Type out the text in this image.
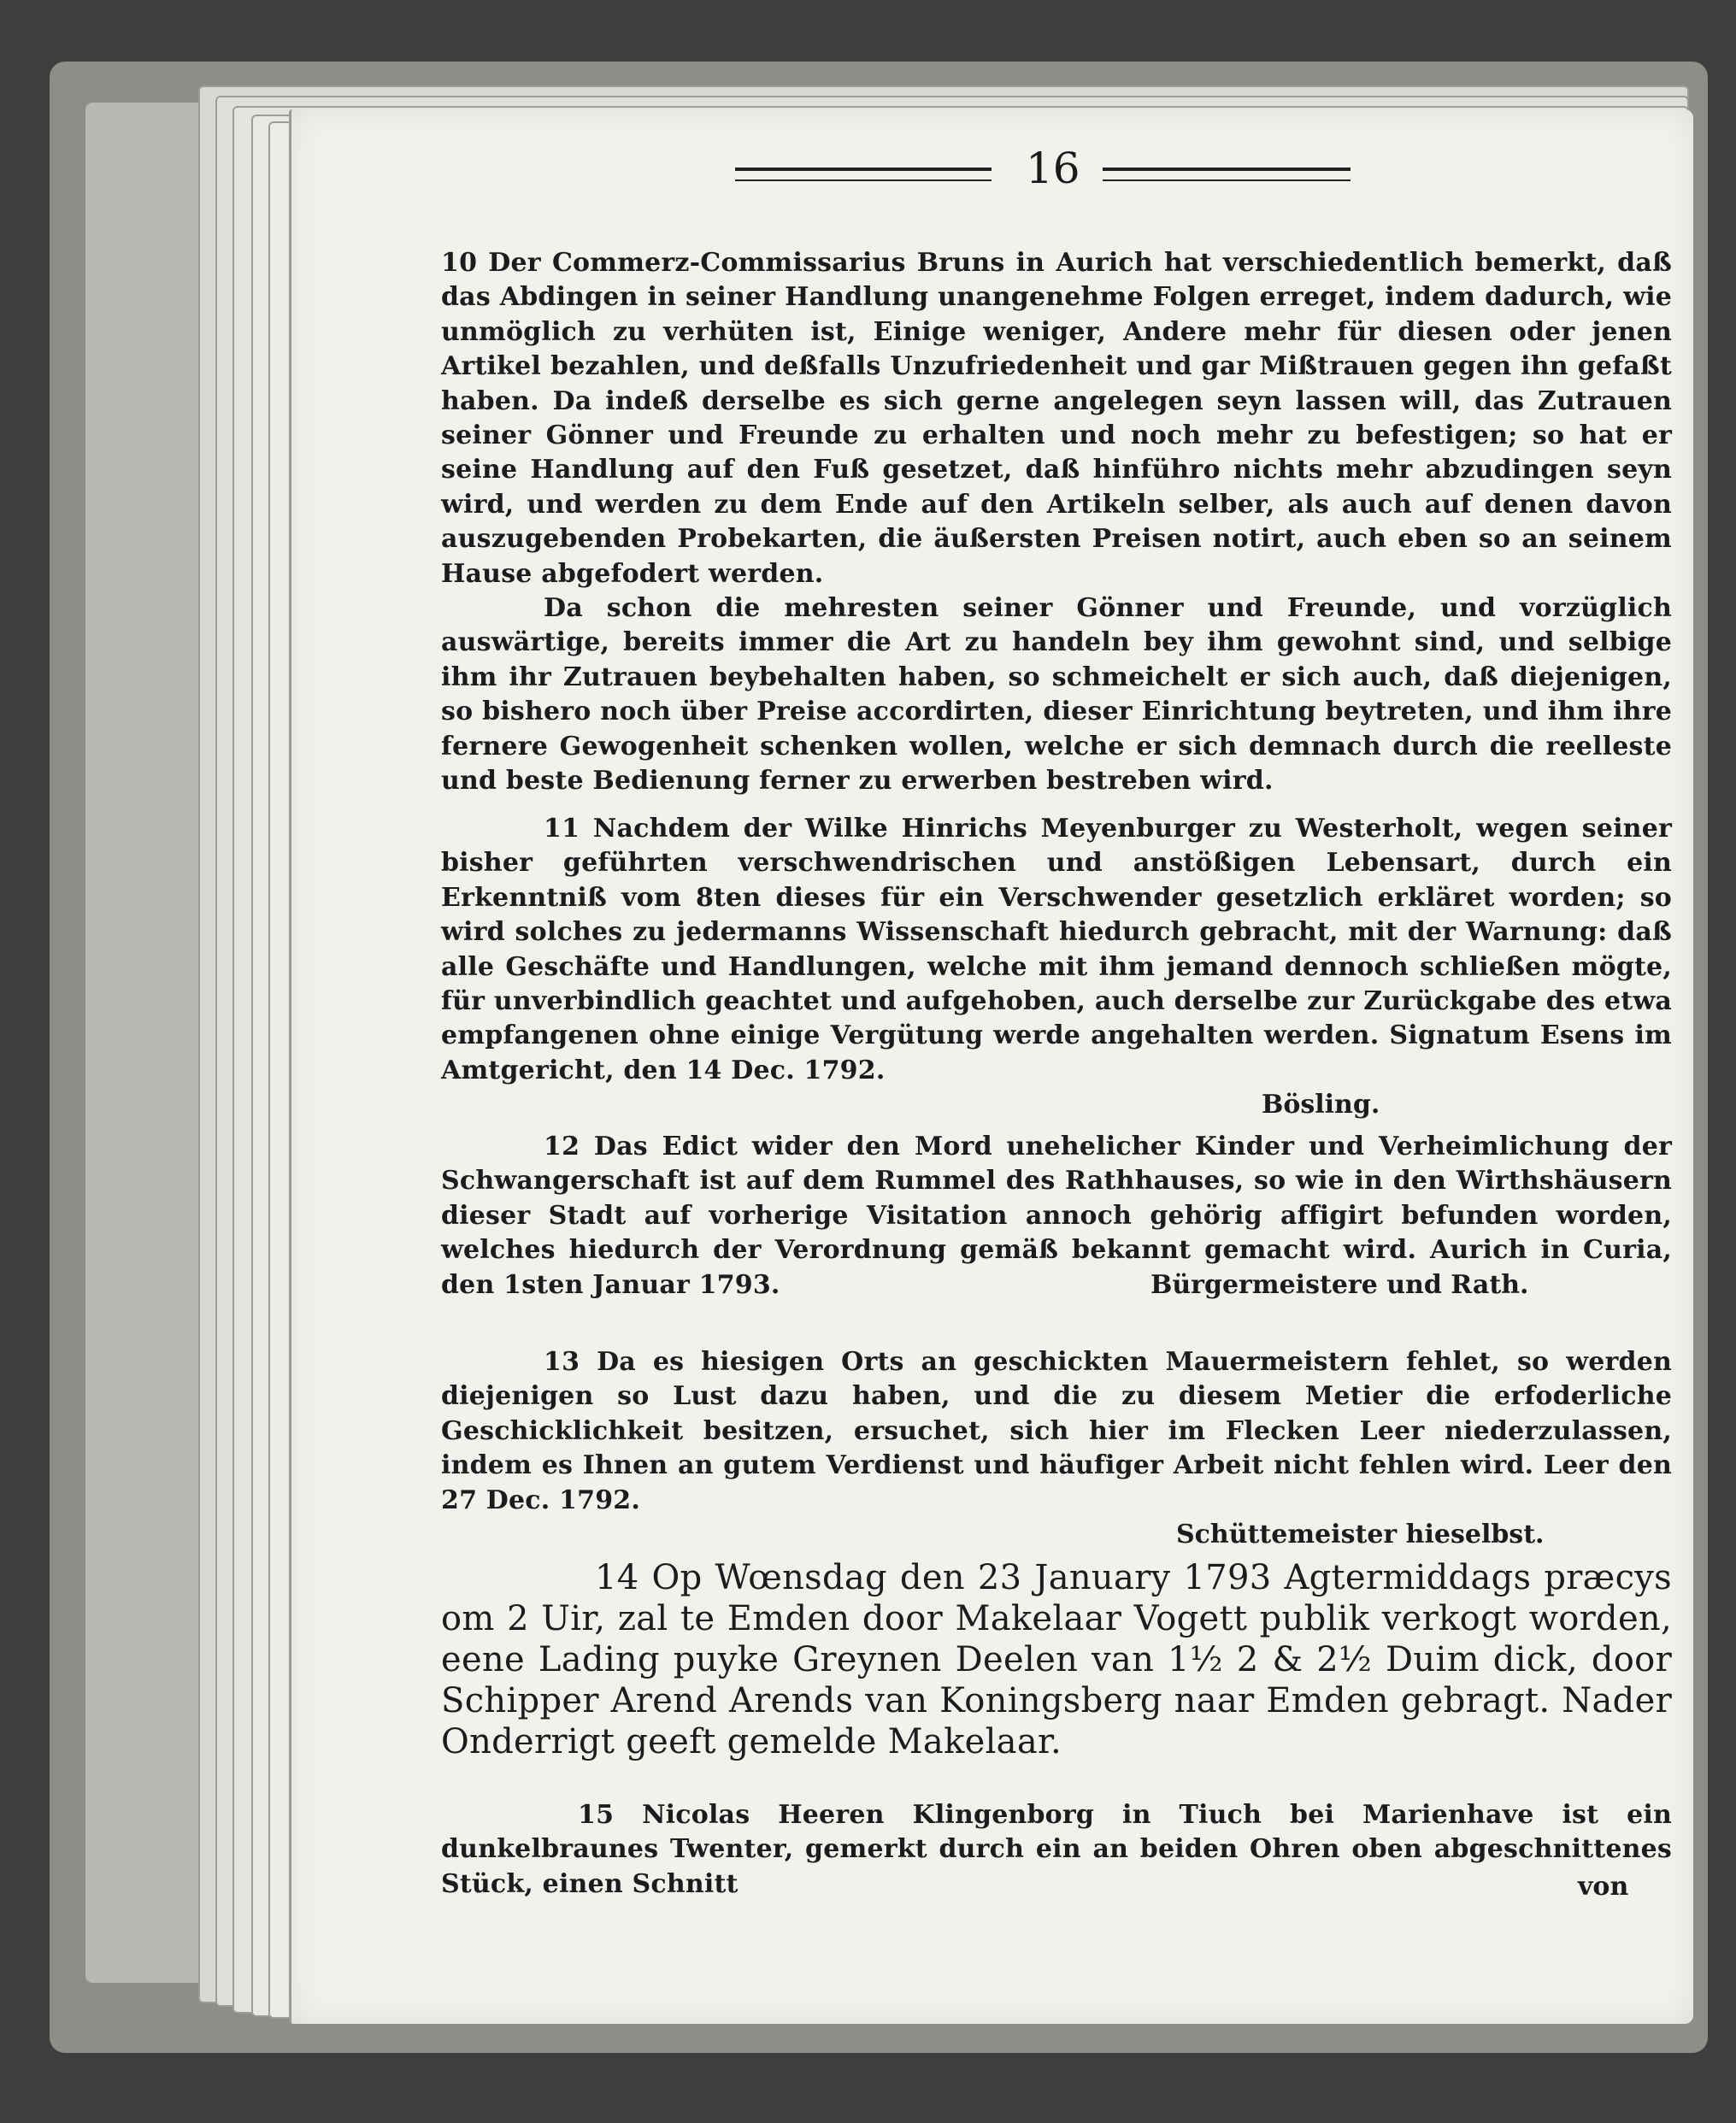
16

10 Der Commerz-Commissarius Bruns in Aurich hat verschiedentlich bemerkt, daß das Abdingen in seiner Handlung unangenehme Folgen erreget, indem dadurch, wie unmöglich zu verhüten ist, Einige weniger, Andere mehr für diesen oder jenen Artikel bezahlen, und deßfalls Unzufriedenheit und gar Mißtrauen gegen ihn gefaßt haben. Da indeß derselbe es sich gerne angelegen seyn lassen will, das Zutrauen seiner Gönner und Freunde zu erhalten und noch mehr zu befestigen; so hat er seine Handlung auf den Fuß gesetzet, daß hinführo nichts mehr abzudingen seyn wird, und werden zu dem Ende auf den Artikeln selber, als auch auf denen davon auszugebenden Probekarten, die äußersten Preisen notirt, auch eben so an seinem Hause abgefodert werden.

Da schon die mehresten seiner Gönner und Freunde, und vorzüglich auswärtige, bereits immer die Art zu handeln bey ihm gewohnt sind, und selbige ihm ihr Zutrauen beybehalten haben, so schmeichelt er sich auch, daß diejenigen, so bishero noch über Preise accordirten, dieser Einrichtung beytreten, und ihm ihre fernere Gewogenheit schenken wollen, welche er sich demnach durch die reelleste und beste Bedienung ferner zu erwerben bestreben wird.

11 Nachdem der Wilke Hinrichs Meyenburger zu Westerholt, wegen seiner bisher geführten verschwendrischen und anstößigen Lebensart, durch ein Erkenntniß vom 8ten dieses für ein Verschwender gesetzlich erkläret worden; so wird solches zu jedermanns Wissenschaft hiedurch gebracht, mit der Warnung: daß alle Geschäfte und Handlungen, welche mit ihm jemand dennoch schließen mögte, für unverbindlich geachtet und aufgehoben, auch derselbe zur Zurückgabe des etwa empfangenen ohne einige Vergütung werde angehalten werden. Signatum Esens im Amtgericht, den 14 Dec. 1792.

Bösling.

12 Das Edict wider den Mord unehelicher Kinder und Verheimlichung der Schwangerschaft ist auf dem Rummel des Rathhauses, so wie in den Wirthshäusern dieser Stadt auf vorherige Visitation annoch gehörig affigirt befunden worden, welches hiedurch der Verordnung gemäß bekannt gemacht wird. Aurich in Curia, den 1sten Januar 1793.	Bürgermeistere und Rath.

13 Da es hiesigen Orts an geschickten Mauermeistern fehlet, so werden diejenigen so Lust dazu haben, und die zu diesem Metier die erfoderliche Geschicklichkeit besitzen, ersuchet, sich hier im Flecken Leer niederzulassen, indem es Ihnen an gutem Verdienst und häufiger Arbeit nicht fehlen wird. Leer den 27 Dec. 1792.

Schüttemeister hieselbst.

14 Op Wœnsdag den 23 January 1793 Agtermiddags præcys om 2 Uir, zal te Emden door Makelaar Vogett publik verkogt worden, eene Lading puyke Greynen Deelen van 1½ 2 & 2½ Duim dick, door Schipper Arend Arends van Koningsberg naar Emden gebragt. Nader Onderrigt geeft gemelde Makelaar.

15 Nicolas Heeren Klingenborg in Tiuch bei Marienhave ist ein dunkelbraunes Twenter, gemerkt durch ein an beiden Ohren oben abgeschnittenes Stück, einen Schnitt	von
